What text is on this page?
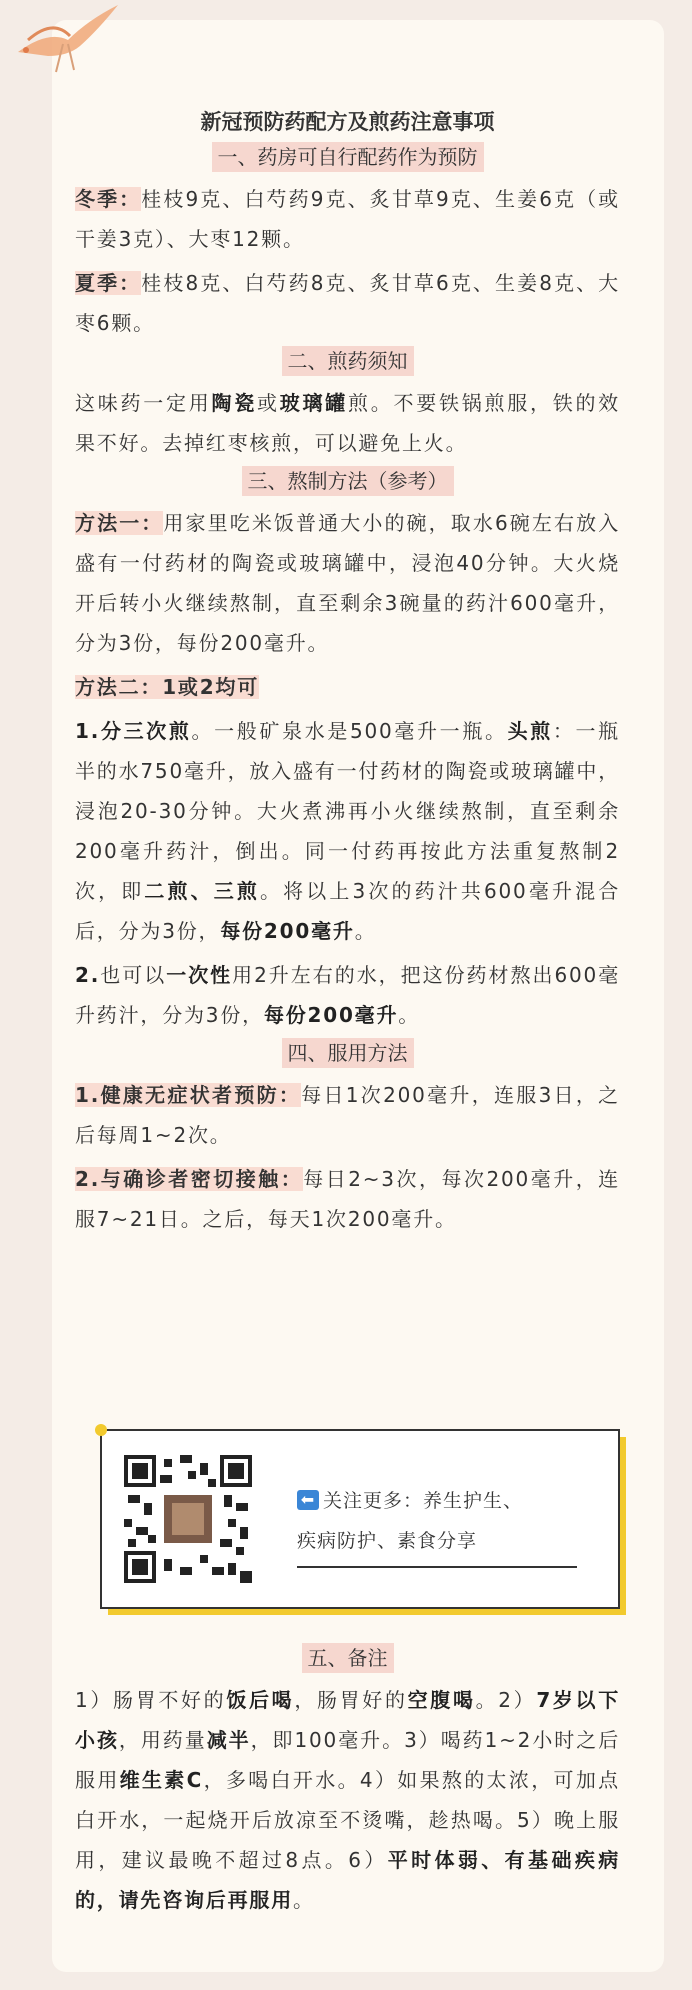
新冠预防药配方及煎药注意事项
一、药房可自行配药作为预防

冬季：桂枝9克、白芍药9克、炙甘草9克、生姜6克（或干姜3克）、大枣12颗。

夏季：桂枝8克、白芍药8克、炙甘草6克、生姜8克、大枣6颗。

二、煎药须知

这味药一定用陶瓷或玻璃罐煎。不要铁锅煎服，铁的效果不好。去掉红枣核煎，可以避免上火。

三、熬制方法（参考）

方法一：用家里吃米饭普通大小的碗，取水6碗左右放入盛有一付药材的陶瓷或玻璃罐中，浸泡40分钟。大火烧开后转小火继续熬制，直至剩余3碗量的药汁600毫升，分为3份，每份200毫升。

方法二：1或2均可

1.分三次煎。一般矿泉水是500毫升一瓶。头煎：一瓶半的水750毫升，放入盛有一付药材的陶瓷或玻璃罐中，浸泡20-30分钟。大火煮沸再小火继续熬制，直至剩余200毫升药汁，倒出。同一付药再按此方法重复熬制2次，即二煎、三煎。将以上3次的药汁共600毫升混合后，分为3份，每份200毫升。

2.也可以一次性用2升左右的水，把这份药材熬出600毫升药汁，分为3份，每份200毫升。

四、服用方法

1.健康无症状者预防：每日1次200毫升，连服3日，之后每周1~2次。

2.与确诊者密切接触：每日2~3次，每次200毫升，连服7~21日。之后，每天1次200毫升。

⬅ 关注更多：养生护生、
疾病防护、素食分享
五、备注

1）肠胃不好的饭后喝，肠胃好的空腹喝。2）7岁以下小孩，用药量减半，即100毫升。3）喝药1~2小时之后服用维生素C，多喝白开水。4）如果熬的太浓，可加点白开水，一起烧开后放凉至不烫嘴，趁热喝。5）晚上服用，建议最晚不超过8点。6）平时体弱、有基础疾病的，请先咨询后再服用。
